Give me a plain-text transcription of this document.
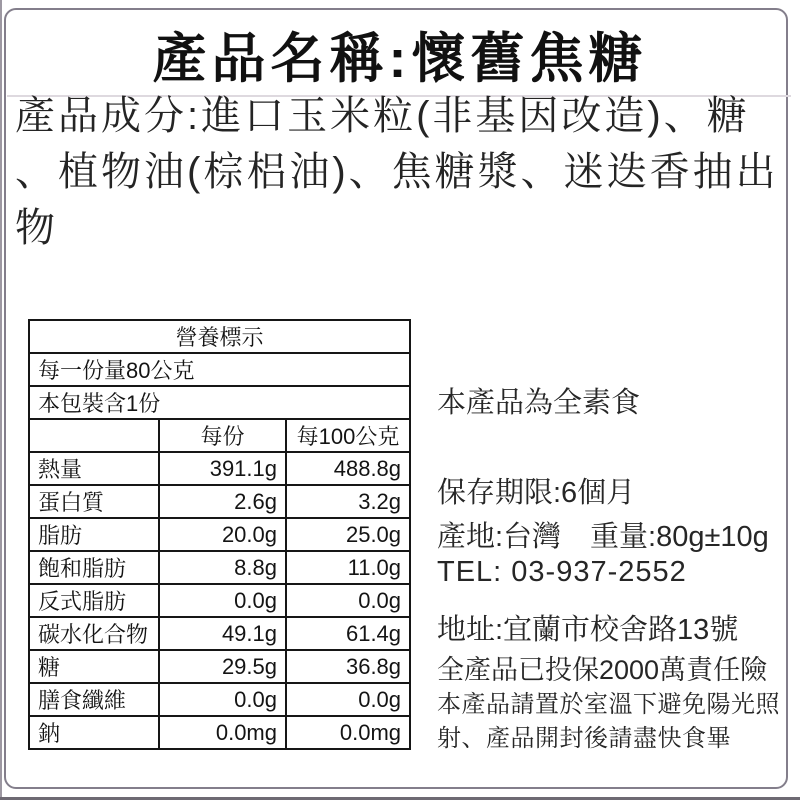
產品名稱:懷舊焦糖
產品成分:進口玉米粒(非基因改造)、糖
、植物油(棕梠油)、焦糖漿、迷迭香抽出
物
營養標示		
每一份量80公克		
本包裝含1份		
	每份	每100公克
熱量	391.1g	488.8g
蛋白質	2.6g	3.2g
脂肪	20.0g	25.0g
飽和脂肪	8.8g	11.0g
反式脂肪	0.0g	0.0g
碳水化合物	49.1g	61.4g
糖	29.5g	36.8g
膳食纖維	0.0g	0.0g
鈉	0.0mg	0.0mg
本產品為全素食
保存期限:6個月
產地:台灣　重量:80g±10g
TEL: 03-937-2552
地址:宜蘭市校舍路13號
全產品已投保2000萬責任險
本產品請置於室溫下避免陽光照射、產品開封後請盡快食畢
